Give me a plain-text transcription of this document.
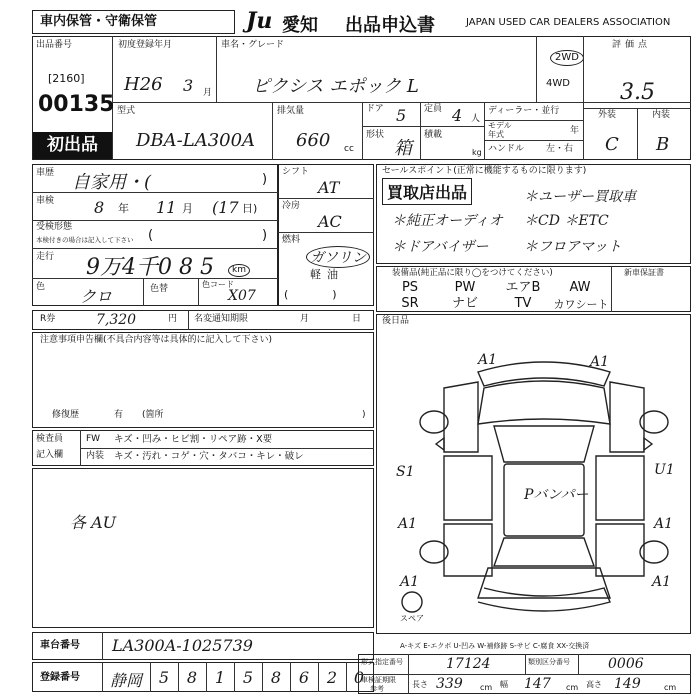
車内保管・守衛保管	Ju 愛知 出品申込書	JAPAN USED CAR DEALERS ASSOCIATION
出品番号
[2160]
00135
初出品
初度登録年月
H26 3 月
車名・グレード
ピクシス エポック L
2WD
4WD
評価点
3.5
外装	内装
C B
型式
DBA-LA300A
排気量
660 cc
ドア 5 定員 4 人
形状
箱
積載
kg
ディーラー・並行
モデル
年式	年
ハンドル 左・右
車歴 自家用・(	)
車検 8 年 11 月 (17 日)
受検形態
本検付きの場合は記入して下さい (	)
走行 9万4千0 8 5	km
色 クロ	色替	色コード
X07
シフト
AT
冷房
AC
燃料
ガソリン
軽油
(　　　　)
セールスポイント(正常に機能するものに限ります)
買取店出品	＊ユーザー買取車
＊純正オーディオ ＊CD ＊ETC
＊ドアバイザー	＊フロアマット
装備品(純正品に限り◯をつけてください)	新車保証書
PS	PW	エアB	AW
SR	ナビ	TV	カワシート
R券	7,320	円 名変通知期限	月	日
注意事項申告欄(不具合内容等は具体的に記入して下さい)
修復歴	有 (箇所	)
後日品
検査員
記入欄
FW キズ・凹み・ヒビ割・リペア跡・X要
内装 キズ・汚れ・コゲ・穴・タバコ・キレ・破レ
各 AU
A1	A1
S1	U1
A1	A1
A1	A1
Pバンパー
スペア
A-キズ E-エクボ U-凹み W-補修跡 S-サビ C-腐食 XX-交換済
車台番号 LA300A-1025739
登録番号 静岡	5	8	1	5	8	6	2	0
形式指定番号	17124	類別区分番号	0006
車検証期限
参考	長さ 339 cm 幅 147 cm 高さ 149	cm
